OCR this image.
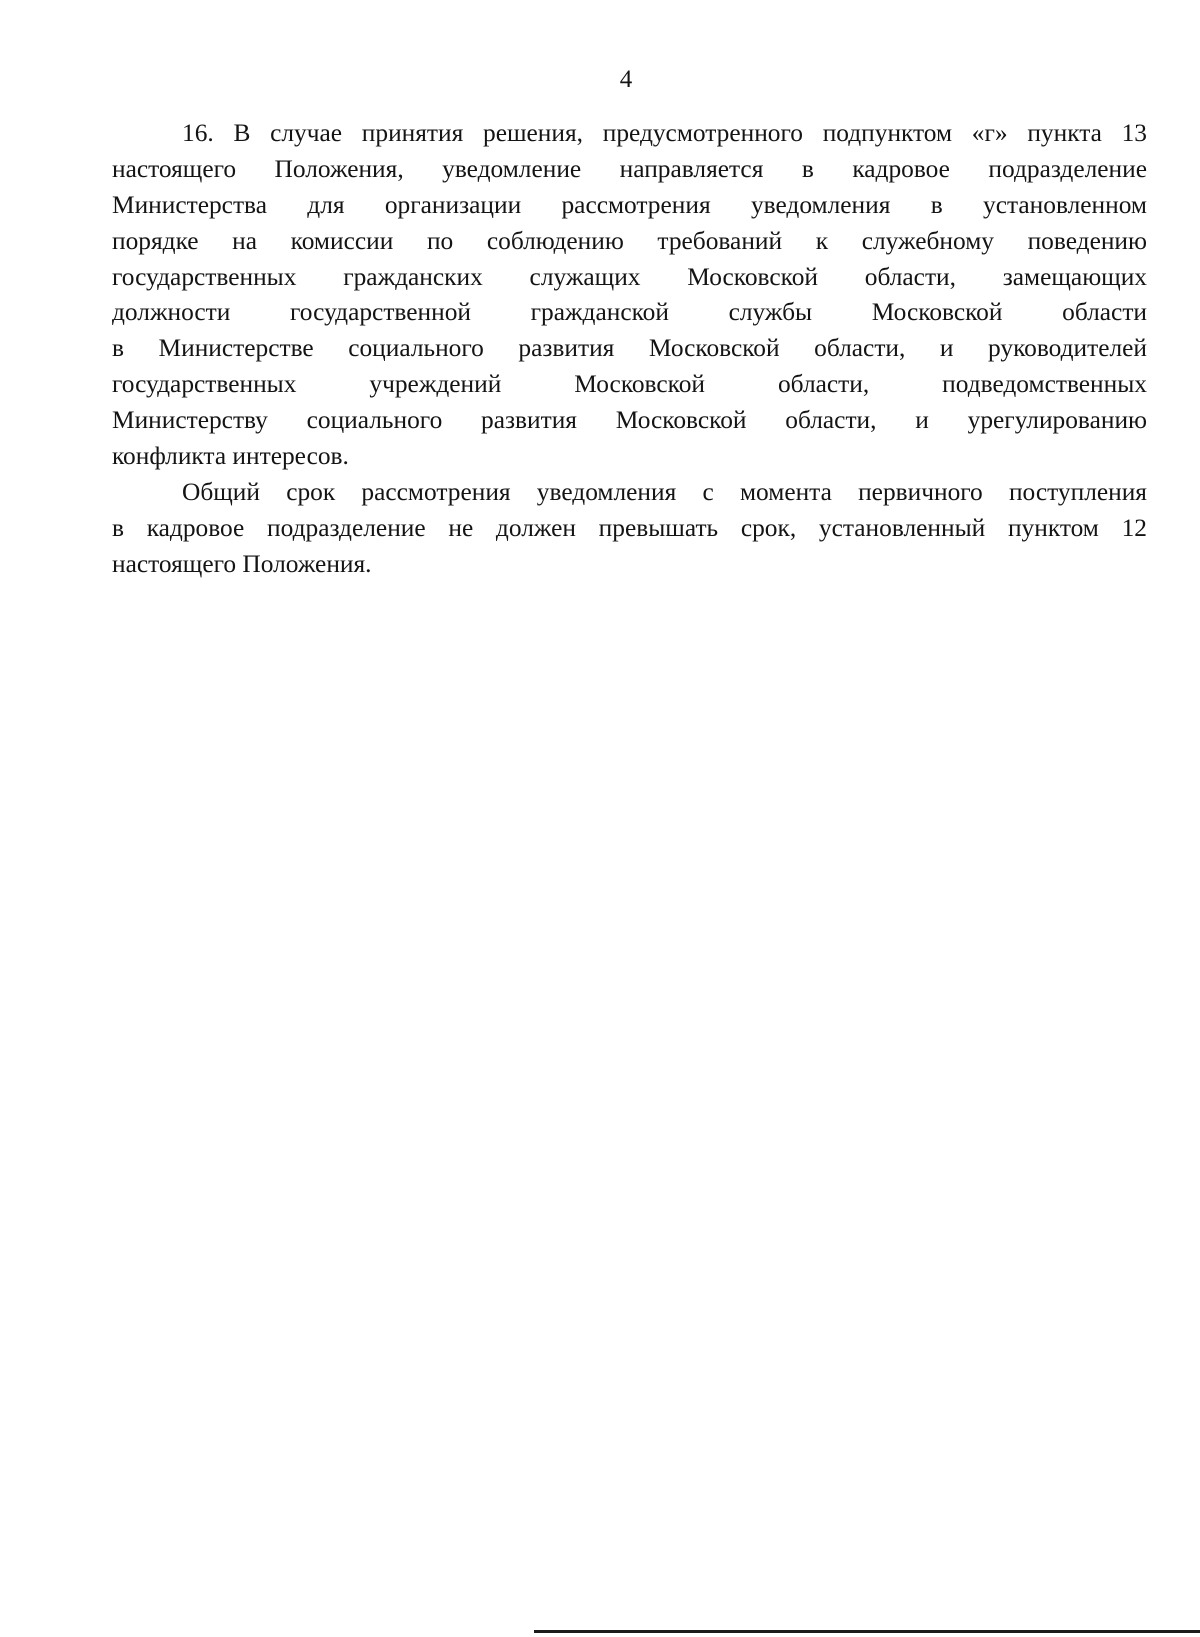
4
16. В случае принятия решения, предусмотренного подпунктом «г» пункта 13
настоящего Положения, уведомление направляется в кадровое подразделение
Министерства для организации рассмотрения уведомления в установленном
порядке на комиссии по соблюдению требований к служебному поведению
государственных гражданских служащих Московской области, замещающих
должности государственной гражданской службы Московской области
в Министерстве социального развития Московской области, и руководителей
государственных учреждений Московской области, подведомственных
Министерству социального развития Московской области, и урегулированию
конфликта интересов.
Общий срок рассмотрения уведомления с момента первичного поступления
в кадровое подразделение не должен превышать срок, установленный пунктом 12
настоящего Положения.
